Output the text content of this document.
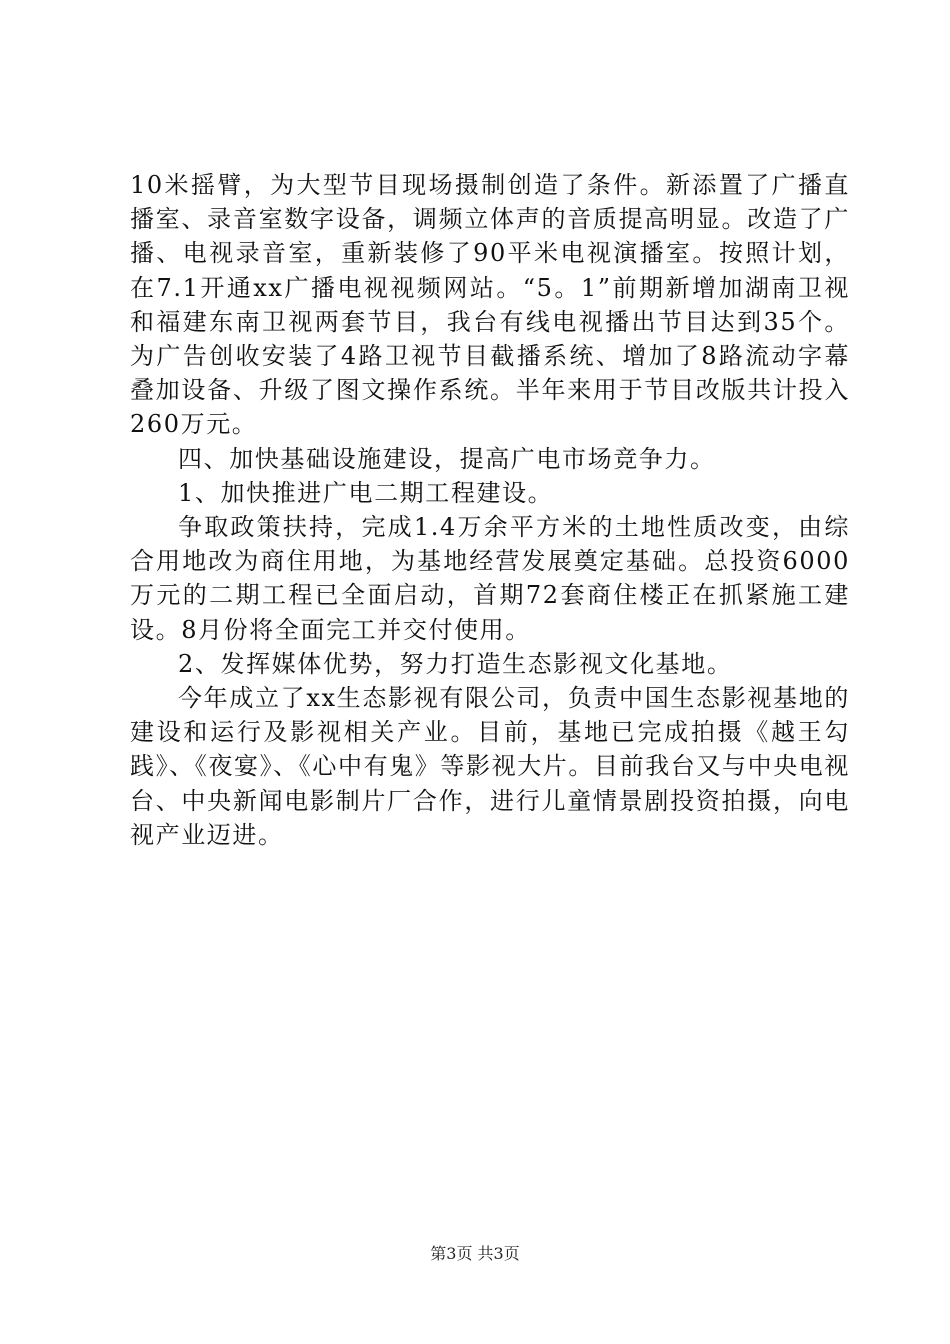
10米摇臂，为大型节目现场摄制创造了条件。新添置了广播直播室、录音室数字设备，调频立体声的音质提高明显。改造了广播、电视录音室，重新装修了90平米电视演播室。按照计划，在7.1开通xx广播电视视频网站。“5。1”前期新增加湖南卫视和福建东南卫视两套节目，我台有线电视播出节目达到35个。为广告创收安装了4路卫视节目截播系统、增加了8路流动字幕叠加设备、升级了图文操作系统。半年来用于节目改版共计投入260万元。

四、加快基础设施建设，提高广电市场竞争力。

1、加快推进广电二期工程建设。

争取政策扶持，完成1.4万余平方米的土地性质改变，由综合用地改为商住用地，为基地经营发展奠定基础。总投资6000万元的二期工程已全面启动，首期72套商住楼正在抓紧施工建设。8月份将全面完工并交付使用。

2、发挥媒体优势，努力打造生态影视文化基地。

今年成立了xx生态影视有限公司，负责中国生态影视基地的建设和运行及影视相关产业。目前，基地已完成拍摄《越王勾践》、《夜宴》、《心中有鬼》等影视大片。目前我台又与中央电视台、中央新闻电影制片厂合作，进行儿童情景剧投资拍摄，向电视产业迈进。

第3页 共3页
